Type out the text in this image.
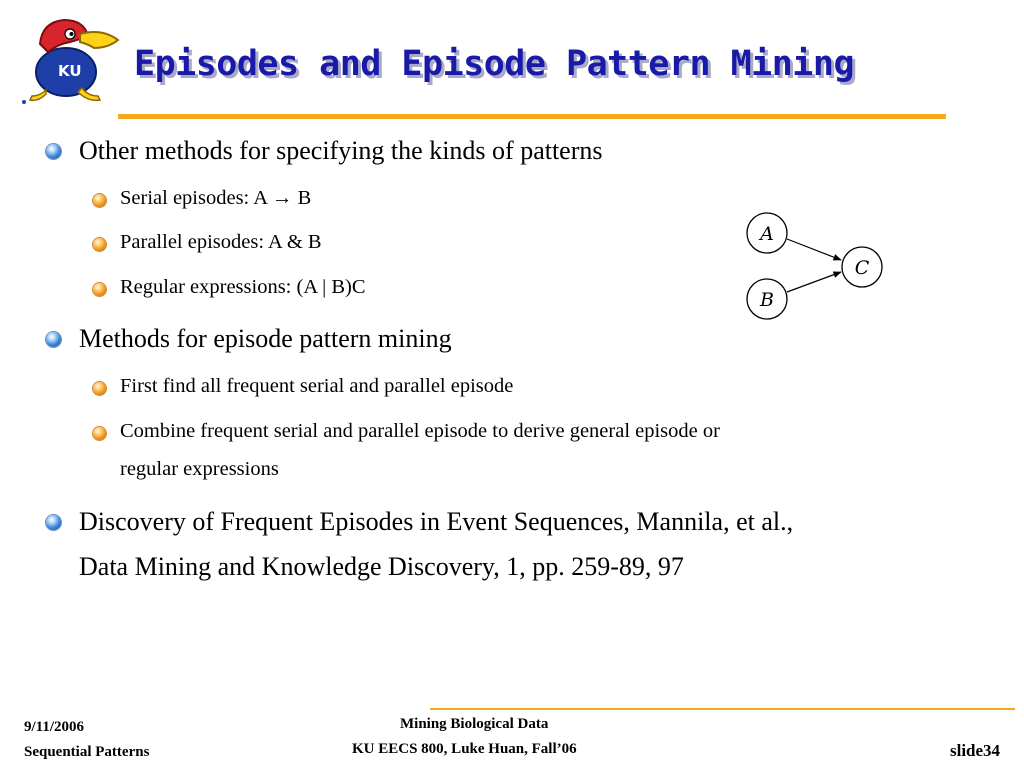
KU Episodes and Episode Pattern Mining
Other methods for specifying the kinds of patterns
Serial episodes: A → B
Parallel episodes: A & B
Regular expressions: (A | B)C
Methods for episode pattern mining
First find all frequent serial and parallel episode
Combine frequent serial and parallel episode to derive general episode or
regular expressions
Discovery of Frequent Episodes in Event Sequences, Mannila, et al.,
Data Mining and Knowledge Discovery, 1, pp. 259-89, 97
A
B
C
9/11/2006
Sequential Patterns
Mining Biological Data
KU EECS 800, Luke Huan, Fall’06	slide34
